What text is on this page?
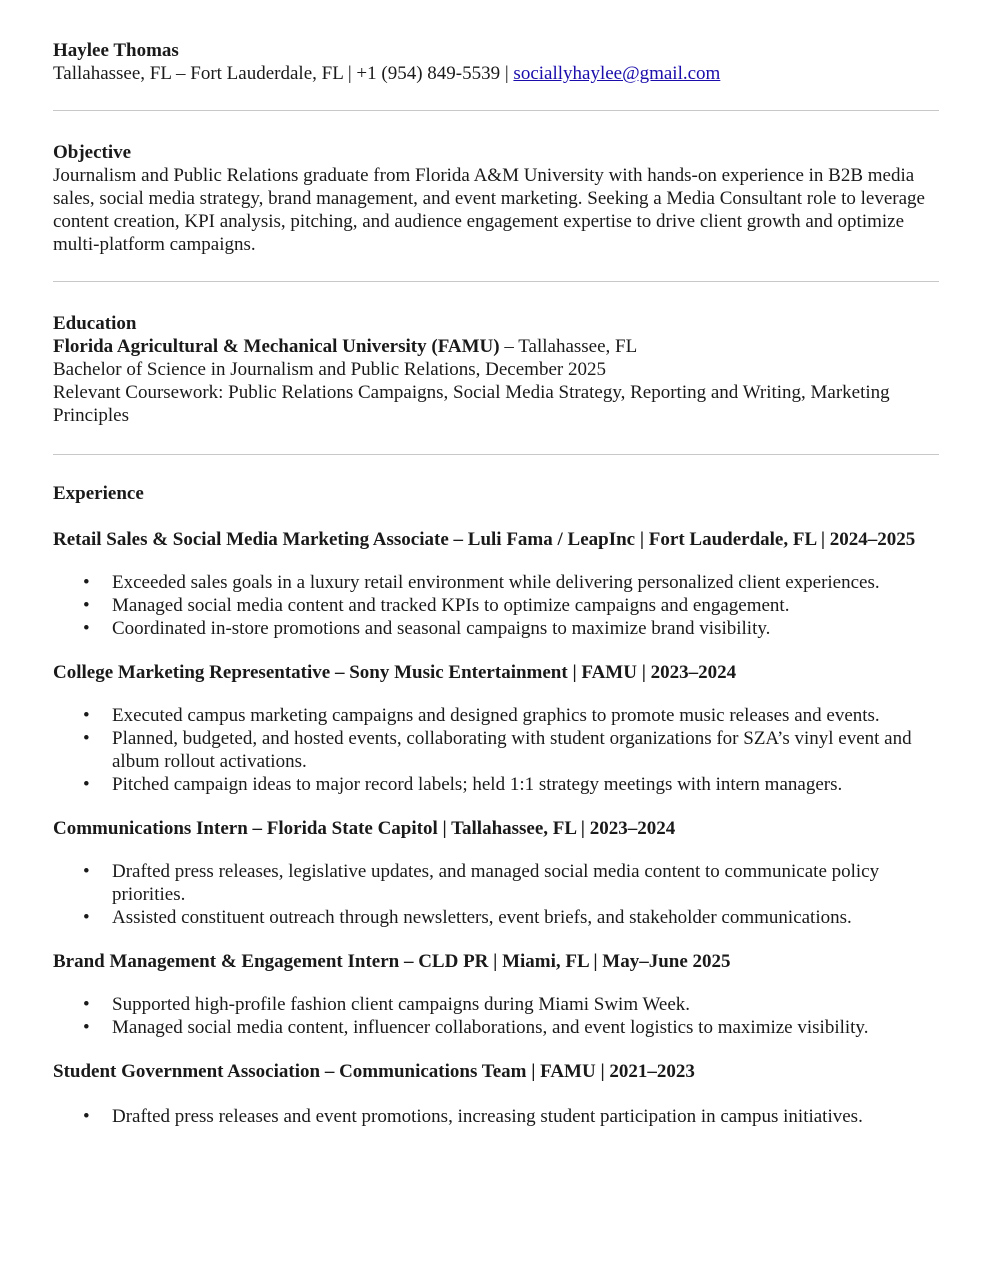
Haylee Thomas
Tallahassee, FL – Fort Lauderdale, FL | +1 (954) 849-5539 | sociallyhaylee@gmail.com
Objective
Journalism and Public Relations graduate from Florida A&M University with hands-on experience in B2B media sales, social media strategy, brand management, and event marketing. Seeking a Media Consultant role to leverage content creation, KPI analysis, pitching, and audience engagement expertise to drive client growth and optimize multi-platform campaigns.
Education
Florida Agricultural & Mechanical University (FAMU) – Tallahassee, FL
Bachelor of Science in Journalism and Public Relations, December 2025
Relevant Coursework: Public Relations Campaigns, Social Media Strategy, Reporting and Writing, Marketing Principles
Experience
Retail Sales & Social Media Marketing Associate – Luli Fama / LeapInc | Fort Lauderdale, FL | 2024–2025
• Exceeded sales goals in a luxury retail environment while delivering personalized client experiences.
• Managed social media content and tracked KPIs to optimize campaigns and engagement.
• Coordinated in-store promotions and seasonal campaigns to maximize brand visibility.
College Marketing Representative – Sony Music Entertainment | FAMU | 2023–2024
• Executed campus marketing campaigns and designed graphics to promote music releases and events.
• Planned, budgeted, and hosted events, collaborating with student organizations for SZA’s vinyl event and album rollout activations.
• Pitched campaign ideas to major record labels; held 1:1 strategy meetings with intern managers.
Communications Intern – Florida State Capitol | Tallahassee, FL | 2023–2024
• Drafted press releases, legislative updates, and managed social media content to communicate policy priorities.
• Assisted constituent outreach through newsletters, event briefs, and stakeholder communications.
Brand Management & Engagement Intern – CLD PR | Miami, FL | May–June 2025
• Supported high-profile fashion client campaigns during Miami Swim Week.
• Managed social media content, influencer collaborations, and event logistics to maximize visibility.
Student Government Association – Communications Team | FAMU | 2021–2023
• Drafted press releases and event promotions, increasing student participation in campus initiatives.
